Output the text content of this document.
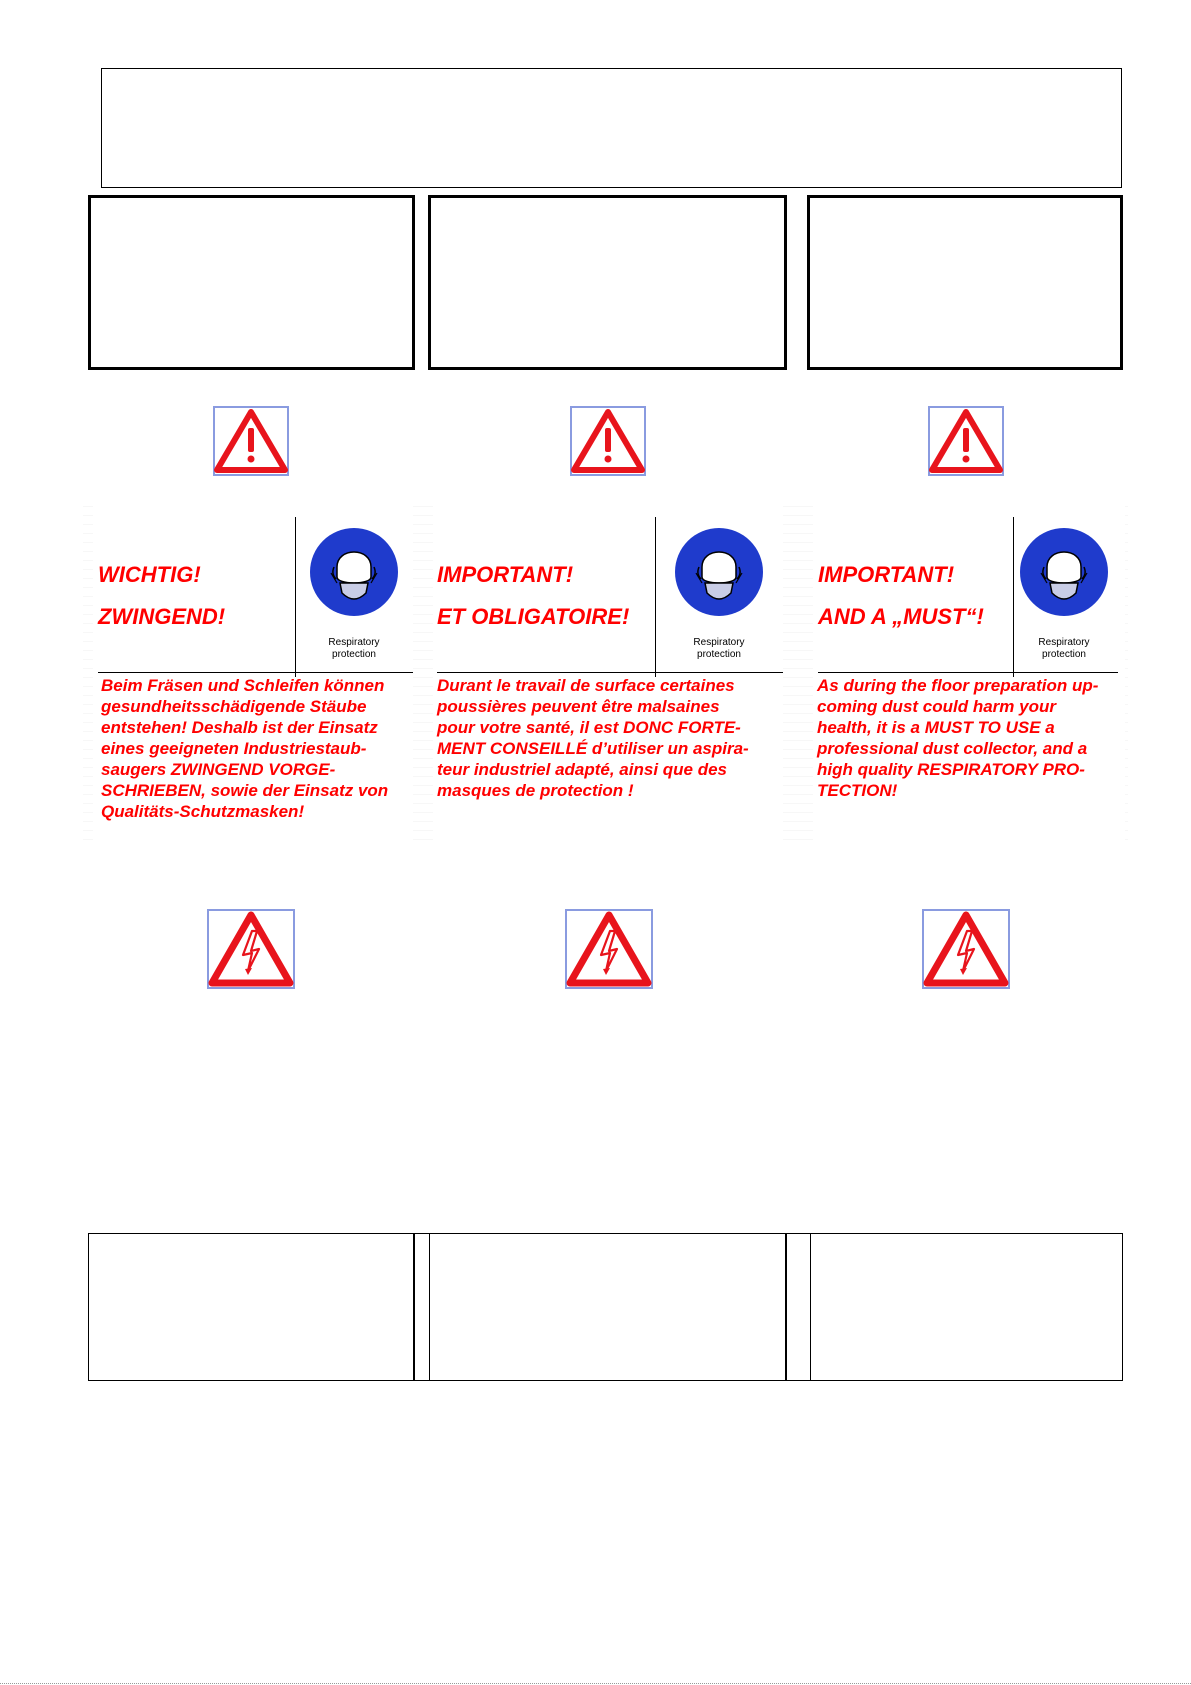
WICHTIG!
ZWINGEND!
Respiratory
protection
Beim Fräsen und Schleifen können
gesundheitsschädigende Stäube
entstehen! Deshalb ist der Einsatz
eines geeigneten Industriestaub-
saugers ZWINGEND VORGE-
SCHRIEBEN, sowie der Einsatz von
Qualitäts-Schutzmasken!
IMPORTANT!
ET OBLIGATOIRE!
Respiratory
protection
Durant le travail de surface certaines
poussières peuvent être malsaines
pour votre santé, il est DONC FORTE-
MENT CONSEILLÉ d’utiliser un aspira-
teur industriel adapté, ainsi que des
masques de protection !
IMPORTANT!
AND A „MUST“!
Respiratory
protection
As during the floor preparation up-
coming dust could harm your
health, it is a MUST TO USE a
professional dust collector, and a
high quality RESPIRATORY PRO-
TECTION!
